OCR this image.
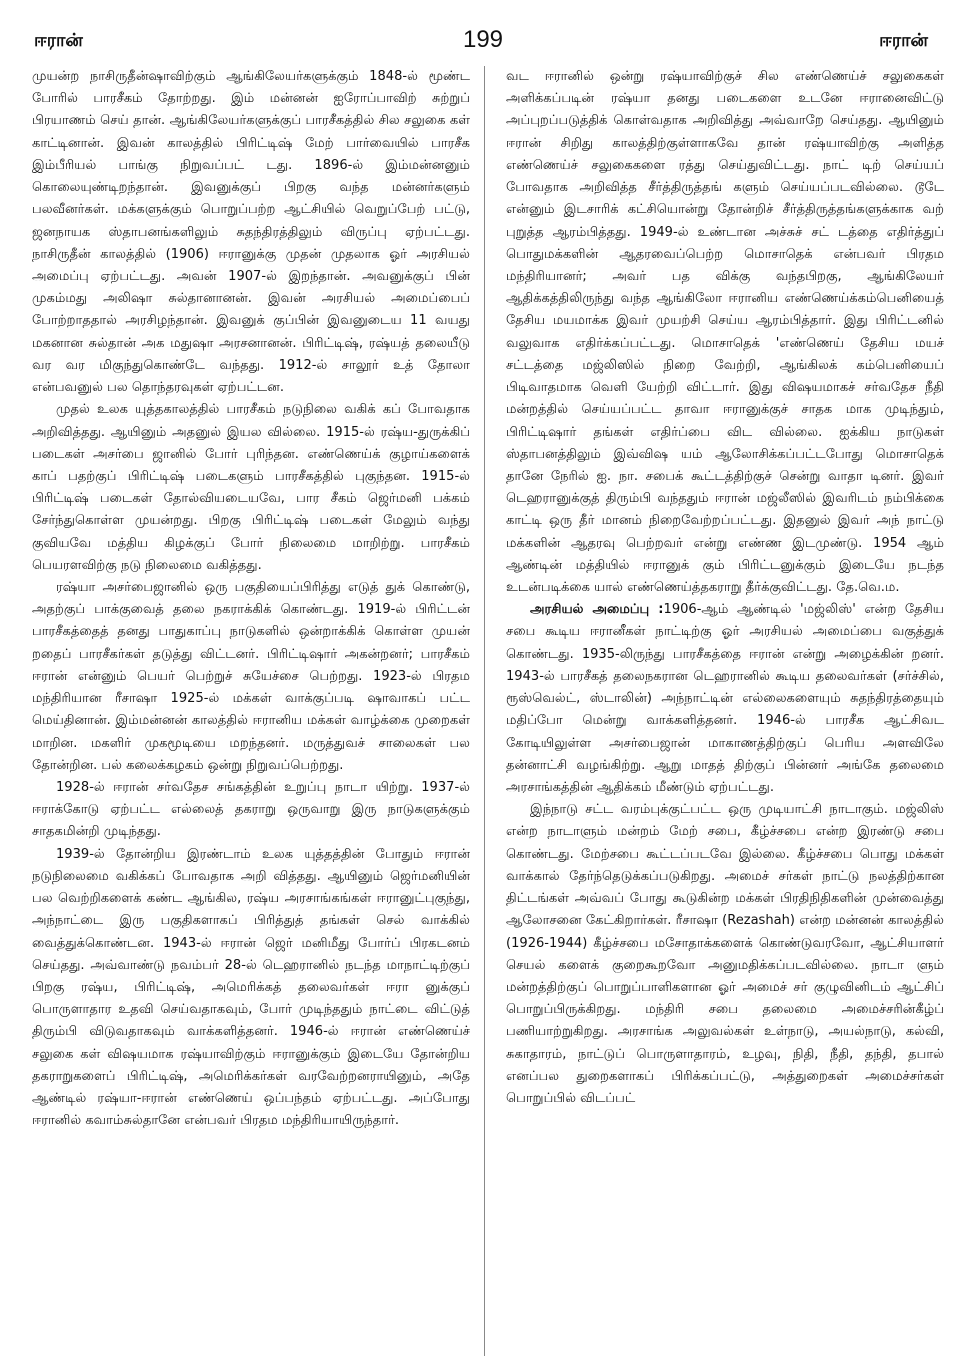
ஈரான்	199	ஈரான்

முயன்ற நாசிருதீன்ஷாவிற்கும் ஆங்கிலேயர்களுக்கும் 1848-ல் மூண்ட போரில் பாரசீகம் தோற்றது. இம் மன்னன் ஐரோப்பாவிற் சுற்றுப் பிரயாணம் செய் தான். ஆங்கிலேயர்களுக்குப் பாரசீகத்தில் சில சலுகை கள் காட்டினான். இவன் காலத்தில் பிரிட்டிஷ் மேற் பார்வையில் பாரசீக இம்பீரியல் பாங்கு நிறுவப்பட் டது. 1896-ல் இம்மன்னனும் கொலையுண்டிறந்தான். இவனுக்குப் பிறகு வந்த மன்னர்களும் பலவீனர்கள். மக்களுக்கும் பொறுப்பற்ற ஆட்சியில் வெறுப்பேற் பட்டு, ஜனநாயக ஸ்தாபனங்களிலும் சுதந்திரத்திலும் விருப்பு ஏற்பட்டது. நாசிருதீன் காலத்தில் (1906) ஈரானுக்கு முதன் முதலாக ஓர் அரசியல் அமைப்பு ஏற்பட்டது. அவன் 1907-ல் இறந்தான். அவனுக்குப் பின் முகம்மது அலிஷா சுல்தானானன். இவன் அரசியல் அமைப்பைப் போற்றாததால் அரசிழந்தான். இவனுக் குப்பின் இவனுடைய 11 வயது மகனான சுல்தான் அக மதுஷா அரசனானன். பிரிட்டிஷ், ரஷ்யத் தலையீடு வர வர மிகுந்துகொண்டே வந்தது. 1912-ல் சாலூர் உத் தோலா என்பவனுல் பல தொந்தரவுகள் ஏற்பட்டன.

முதல் உலக யுத்தகாலத்தில் பாரசீகம் நடுநிலை வகிக் கப் போவதாக அறிவித்தது. ஆயினும் அதனுல் இயல வில்லை. 1915-ல் ரஷ்ய-துருக்கிப் படைகள் அசர்பை ஜானில் போர் புரிந்தன. எண்ணெய்க் குழாய்களைக் காப் பதற்குப் பிரிட்டிஷ் படைகளும் பாரசீகத்தில் புகுந்தன. 1915-ல் பிரிட்டிஷ் படைகள் தோல்வியடையவே, பார சீகம் ஜெர்மனி பக்கம் சேர்ந்துகொள்ள முயன்றது. பிறகு பிரிட்டிஷ் படைகள் மேலும் வந்து குவியவே மத்திய கிழக்குப் போர் நிலைமை மாறிற்று. பாரசீகம் பெயரளவிற்கு நடு நிலைமை வகித்தது.

ரஷ்யா அசர்பைஜானில் ஒரு பகுதியைப்பிரித்து எடுத் துக் கொண்டு, அதற்குப் பாக்குவைத் தலை நகராக்கிக் கொண்டது. 1919-ல் பிரிட்டன் பாரசீகத்தைத் தனது பாதுகாப்பு நாடுகளில் ஒன்றாக்கிக் கொள்ள முயன் றதைப் பாரசீகர்கள் தடுத்து விட்டனர். பிரிட்டிஷார் அகன்றனர்; பாரசீகம் ஈரான் என்னும் பெயர் பெற்றுச் சுயேச்சை பெற்றது. 1923-ல் பிரதம மந்திரியான ரீசாஷா 1925-ல் மக்கள் வாக்குப்படி ஷாவாகப் பட்ட மெய்தினான். இம்மன்னன் காலத்தில் ஈரானிய மக்கள் வாழ்க்கை முறைகள் மாறின. மகளிர் முகமூடியை மறந்தனர். மருத்துவச் சாலைகள் பல தோன்றின. பல் கலைக்கழகம் ஒன்று நிறுவப்பெற்றது.

1928-ல் ஈரான் சர்வதேச சங்கத்தின் உறுப்பு நாடா யிற்று. 1937-ல் ஈராக்கோடு ஏற்பட்ட எல்லைத் தகராறு ஒருவாறு இரு நாடுகளுக்கும் சாதகமின்றி முடிந்தது.

1939-ல் தோன்றிய இரண்டாம் உலக யுத்தத்தின் போதும் ஈரான் நடுநிலைமை வகிக்கப் போவதாக அறி வித்தது. ஆயினும் ஜெர்மனியின் பல வெற்றிகளைக் கண்ட ஆங்கில, ரஷ்ய அரசாங்கங்கள் ஈரானுட்புகுந்து, அந்நாட்டை இரு பகுதிகளாகப் பிரித்துத் தங்கள் செல் வாக்கில் வைத்துக்கொண்டன. 1943-ல் ஈரான் ஜெர் மனிமீது போர்ப் பிரகடனம் செய்தது. அவ்வாண்டு நவம்பர் 28-ல் டெஹரானில் நடந்த மாநாட்டிற்குப் பிறகு ரஷ்ய, பிரிட்டிஷ், அமெரிக்கத் தலைவர்கள் ஈரா னுக்குப் பொருளாதார உதவி செய்வதாகவும், போர் முடிந்ததும் நாட்டை விட்டுத் திரும்பி விடுவதாகவும் வாக்களித்தனர். 1946-ல் ஈரான் எண்ணெய்ச் சலுகை கள் விஷயமாக ரஷ்யாவிற்கும் ஈரானுக்கும் இடையே தோன்றிய தகராறுகளைப் பிரிட்டிஷ், அமெரிக்கர்கள் வரவேற்றனராயினும், அதே ஆண்டில் ரஷ்யா-ஈரான் எண்ணெய் ஒப்பந்தம் ஏற்பட்டது. அப்போது ஈரானில் கவாம்சுல்தானே என்பவர் பிரதம மந்திரியாயிருந்தார்.

வட ஈரானில் ஒன்று ரஷ்யாவிற்குச் சில எண்ணெய்ச் சலுகைகள் அளிக்கப்படின் ரஷ்யா தனது படைகளை உடனே ஈரானைவிட்டு அப்புறப்படுத்திக் கொள்வதாக அறிவித்து அவ்வாறே செய்தது. ஆயினும் ஈரான் சிறிது காலத்திற்குள்ளாகவே தான் ரஷ்யாவிற்கு அளித்த எண்ணெய்ச் சலுகைகளை ரத்து செய்துவிட்டது. நாட் டிற் செய்யப் போவதாக அறிவித்த சீர்த்திருத்தங் களும் செய்யப்படவில்லை. டூடே என்னும் இடசாரிக் கட்சியொன்று தோன்றிச் சீர்த்திருத்தங்களுக்காக வற் புறுத்த ஆரம்பித்தது. 1949-ல் உண்டான அச்சுச் சட் டத்தை எதிர்த்துப் பொதுமக்களின் ஆதரவைப்பெற்ற மொசாதெக் என்பவர் பிரதம மந்திரியானர்; அவர் பத விக்கு வந்தபிறகு, ஆங்கிலேயர் ஆதிக்கத்திலிருந்து வந்த ஆங்கிலோ ஈரானிய எண்ணெய்க்கம்பெனியைத் தேசிய மயமாக்க இவர் முயற்சி செய்ய ஆரம்பித்தார். இது பிரிட்டனில் வலுவாக எதிர்க்கப்பட்டது. மொசாதெக் 'எண்ணெய் தேசிய மயச் சட்டத்தை மஜ்லிஸில் நிறை வேற்றி, ஆங்கிலக் கம்பெனியைப் பிடிவாதமாக வெளி யேற்றி விட்டார். இது விஷயமாகச் சர்வதேச நீதி மன்றத்தில் செய்யப்பட்ட தாவா ஈரானுக்குச் சாதக மாக முடிந்தும், பிரிட்டிஷார் தங்கள் எதிர்ப்பை விட வில்லை. ஐக்கிய நாடுகள் ஸ்தாபனத்திலும் இவ்விஷ யம் ஆலோசிக்கப்பட்டபோது மொசாதெக் தானே நேரில் ஐ. நா. சபைக் கூட்டத்திற்குச் சென்று வாதா டினர். இவர் டெஹரானுக்குத் திரும்பி வந்ததும் ஈரான் மஜ்லீஸில் இவரிடம் நம்பிக்கை காட்டி ஒரு தீர் மானம் நிறைவேற்றப்பட்டது. இதனுல் இவர் அந் நாட்டு மக்களின் ஆதரவு பெற்றவர் என்று எண்ண இடமுண்டு. 1954 ஆம் ஆண்டின் மத்தியில் ஈரானுக் கும் பிரிட்டனுக்கும் இடையே நடந்த உடன்படிக்கை யால் எண்ணெய்த்தகராறு தீர்க்குவிட்டது. தே.வெ.ம.

அரசியல் அமைப்பு :1906-ஆம் ஆண்டில் 'மஜ்லிஸ்' என்ற தேசிய சபை கூடிய ஈரானீகள் நாட்டிற்கு ஓர் அரசியல் அமைப்பை வகுத்துக் கொண்டது. 1935-லிருந்து பாரசீகத்தை ஈரான் என்று அழைக்கின் றனர். 1943-ல் பாரசீகத் தலைநகரான டெஹரானில் கூடிய தலைவர்கள் (சர்ச்சில், ரூஸ்வெல்ட், ஸ்டாலின்) அந்நாட்டின் எல்லைகளையும் சுதந்திரத்தையும் மதிப்போ மென்று வாக்களித்தனர். 1946-ல் பாரசீக ஆட்சிவட கோடியிலுள்ள அசர்பைஜான் மாகாணத்திற்குப் பெரிய அளவிலே தன்னாட்சி வழங்கிற்று. ஆறு மாதத் திற்குப் பின்னர் அங்கே தலைமை அரசாங்கத்தின் ஆதிக்கம் மீண்டும் ஏற்பட்டது.

இந்நாடு சட்ட வரம்புக்குட்பட்ட ஒரு முடியாட்சி நாடாகும். மஜ்லிஸ் என்ற நாடாளும் மன்றம் மேற் சபை, கீழ்ச்சபை என்ற இரண்டு சபை கொண்டது. மேற்சபை கூட்டப்படவே இல்லை. கீழ்ச்சபை பொது மக்கள் வாக்கால் தேர்ந்தெடுக்கப்படுகிறது. அமைச் சர்கள் நாட்டு நலத்திற்கான திட்டங்கள் அவ்வப் போது கூடுகின்ற மக்கள் பிரதிநிதிகளின் முன்வைத்து ஆலோசனை கேட்கிறார்கள். ரீசாஷா (Rezashah) என்ற மன்னன் காலத்தில் (1926-1944) கீழ்ச்சபை மசோதாக்களைக் கொண்டுவரவோ, ஆட்சியாளர் செயல் களைக் குறைகூறவோ அனுமதிக்கப்படவில்லை. நாடா ளும் மன்றத்திற்குப் பொறுப்பாளிகளான ஓர் அமைச் சர் குழுவினிடம் ஆட்சிப் பொறுப்பிருக்கிறது. மந்திரி சபை தலைமை அமைச்சரின்கீழ்ப் பணியாற்றுகிறது. அரசாங்க அலுவல்கள் உள்நாடு, அயல்நாடு, கல்வி, சுகாதாரம், நாட்டுப் பொருளாதாரம், உழவு, நிதி, நீதி, தந்தி, தபால் எனப்பல துறைகளாகப் பிரிக்கப்பட்டு, அத்துறைகள் அமைச்சர்கள் பொறுப்பில் விடப்பட்
